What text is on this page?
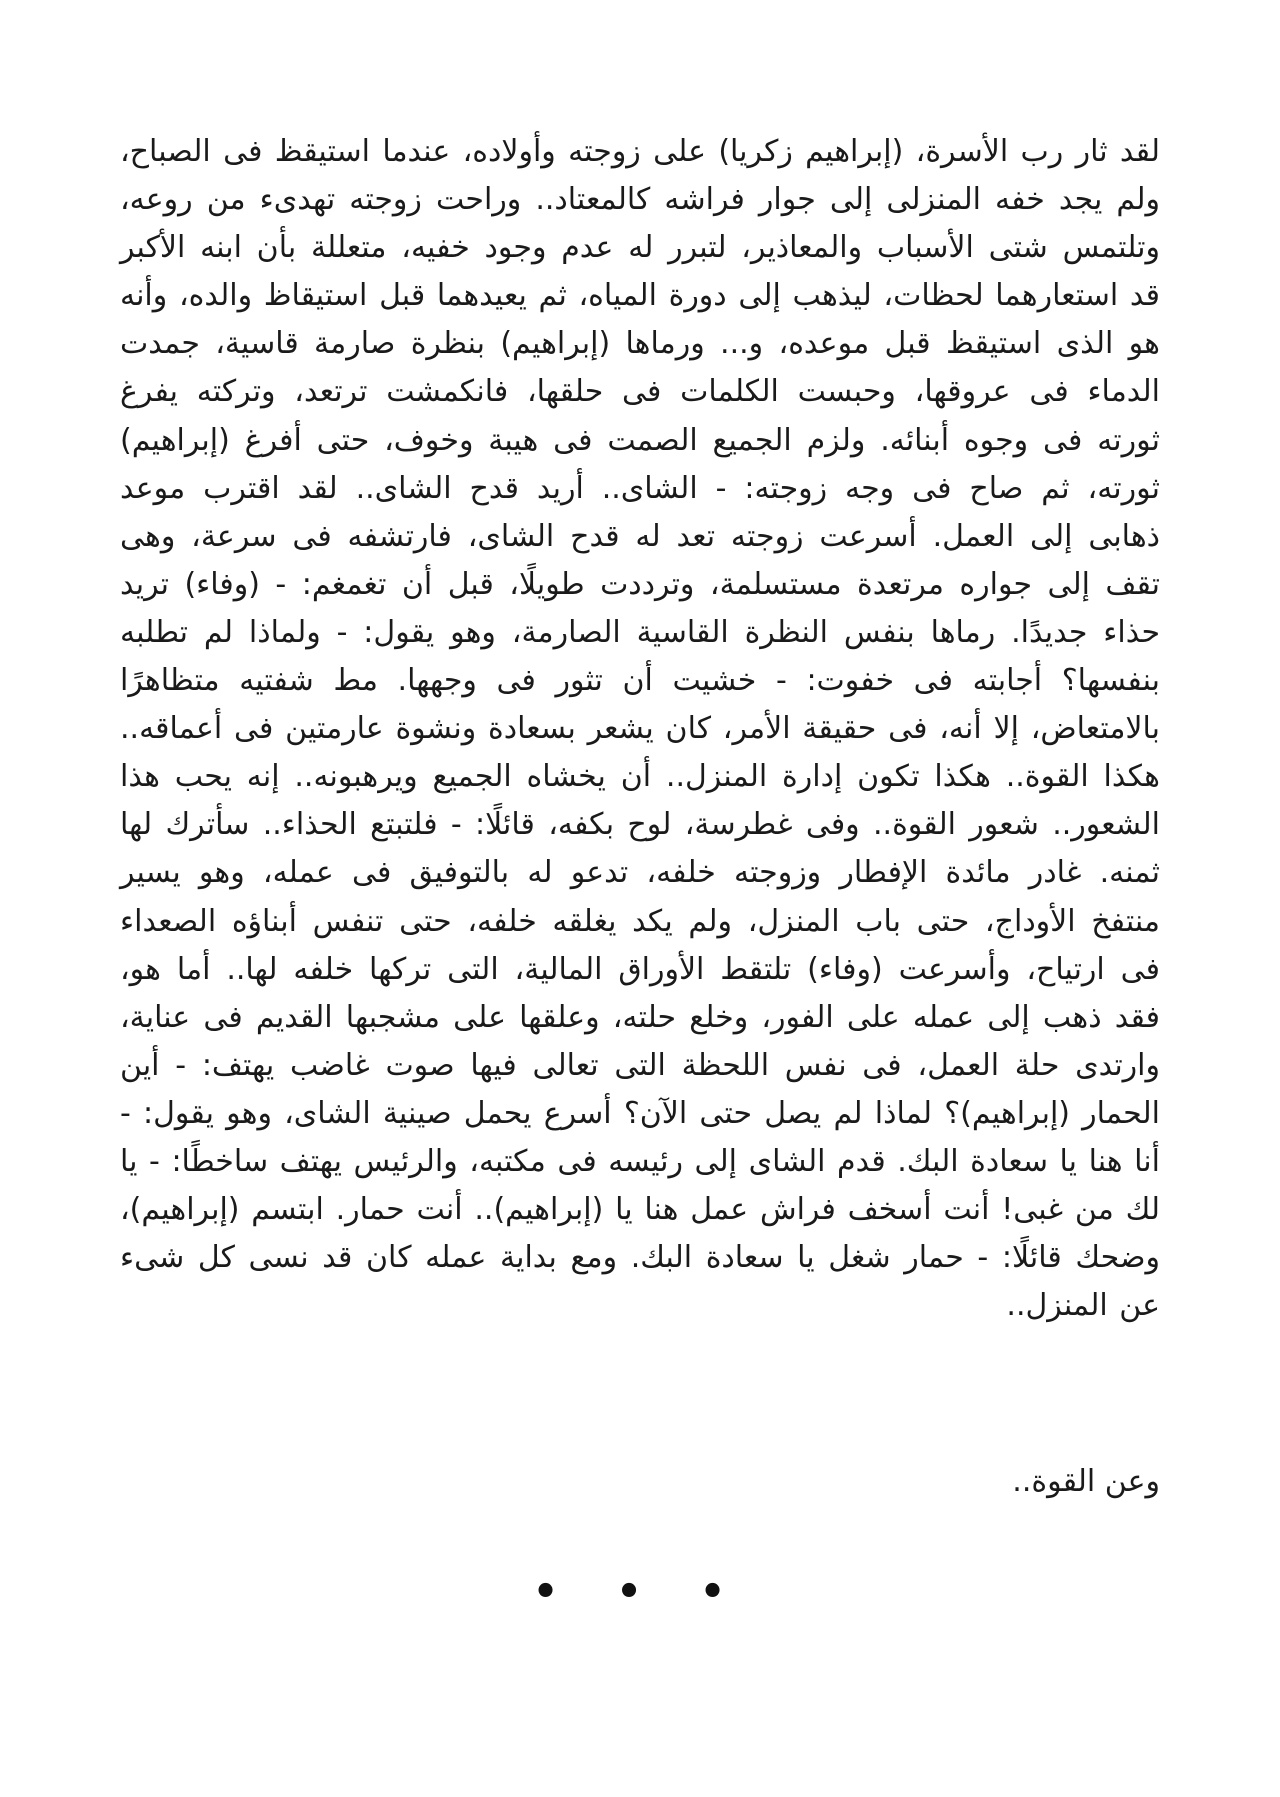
لقد ثار رب الأسرة، (إبراهيم زكريا) على زوجته وأولاده، عندما استيقظ فى الصباح، ولم يجد خفه المنزلى إلى جوار فراشه كالمعتاد.. وراحت زوجته تهدىء من روعه، وتلتمس شتى الأسباب والمعاذير، لتبرر له عدم وجود خفيه، متعللة بأن ابنه الأكبر قد استعارهما لحظات، ليذهب إلى دورة المياه، ثم يعيدهما قبل استيقاظ والده، وأنه هو الذى استيقظ قبل موعده، و... ورماها (إبراهيم) بنظرة صارمة قاسية، جمدت الدماء فى عروقها، وحبست الكلمات فى حلقها، فانكمشت ترتعد، وتركته يفرغ ثورته فى وجوه أبنائه. ولزم الجميع الصمت فى هيبة وخوف، حتى أفرغ (إبراهيم) ثورته، ثم صاح فى وجه زوجته: - الشاى.. أريد قدح الشاى.. لقد اقترب موعد ذهابى إلى العمل. أسرعت زوجته تعد له قدح الشاى، فارتشفه فى سرعة، وهى تقف إلى جواره مرتعدة مستسلمة، وترددت طويلًا، قبل أن تغمغم: - (وفاء) تريد حذاء جديدًا. رماها بنفس النظرة القاسية الصارمة، وهو يقول: - ولماذا لم تطلبه بنفسها؟ أجابته فى خفوت: - خشيت أن تثور فى وجهها. مط شفتيه متظاهرًا بالامتعاض، إلا أنه، فى حقيقة الأمر، كان يشعر بسعادة ونشوة عارمتين فى أعماقه.. هكذا القوة.. هكذا تكون إدارة المنزل.. أن يخشاه الجميع ويرهبونه.. إنه يحب هذا الشعور.. شعور القوة.. وفى غطرسة، لوح بكفه، قائلًا: - فلتبتع الحذاء.. سأترك لها ثمنه. غادر مائدة الإفطار وزوجته خلفه، تدعو له بالتوفيق فى عمله، وهو يسير منتفخ الأوداج، حتى باب المنزل، ولم يكد يغلقه خلفه، حتى تنفس أبناؤه الصعداء فى ارتياح، وأسرعت (وفاء) تلتقط الأوراق المالية، التى تركها خلفه لها.. أما هو، فقد ذهب إلى عمله على الفور، وخلع حلته، وعلقها على مشجبها القديم فى عناية، وارتدى حلة العمل، فى نفس اللحظة التى تعالى فيها صوت غاضب يهتف: - أين الحمار (إبراهيم)؟ لماذا لم يصل حتى الآن؟ أسرع يحمل صينية الشاى، وهو يقول: - أنا هنا يا سعادة البك. قدم الشاى إلى رئيسه فى مكتبه، والرئيس يهتف ساخطًا: - يا لك من غبى! أنت أسخف فراش عمل هنا يا (إبراهيم).. أنت حمار. ابتسم (إبراهيم)، وضحك قائلًا: - حمار شغل يا سعادة البك. ومع بداية عمله كان قد نسى كل شىء عن المنزل..
وعن القوة..
• • •
